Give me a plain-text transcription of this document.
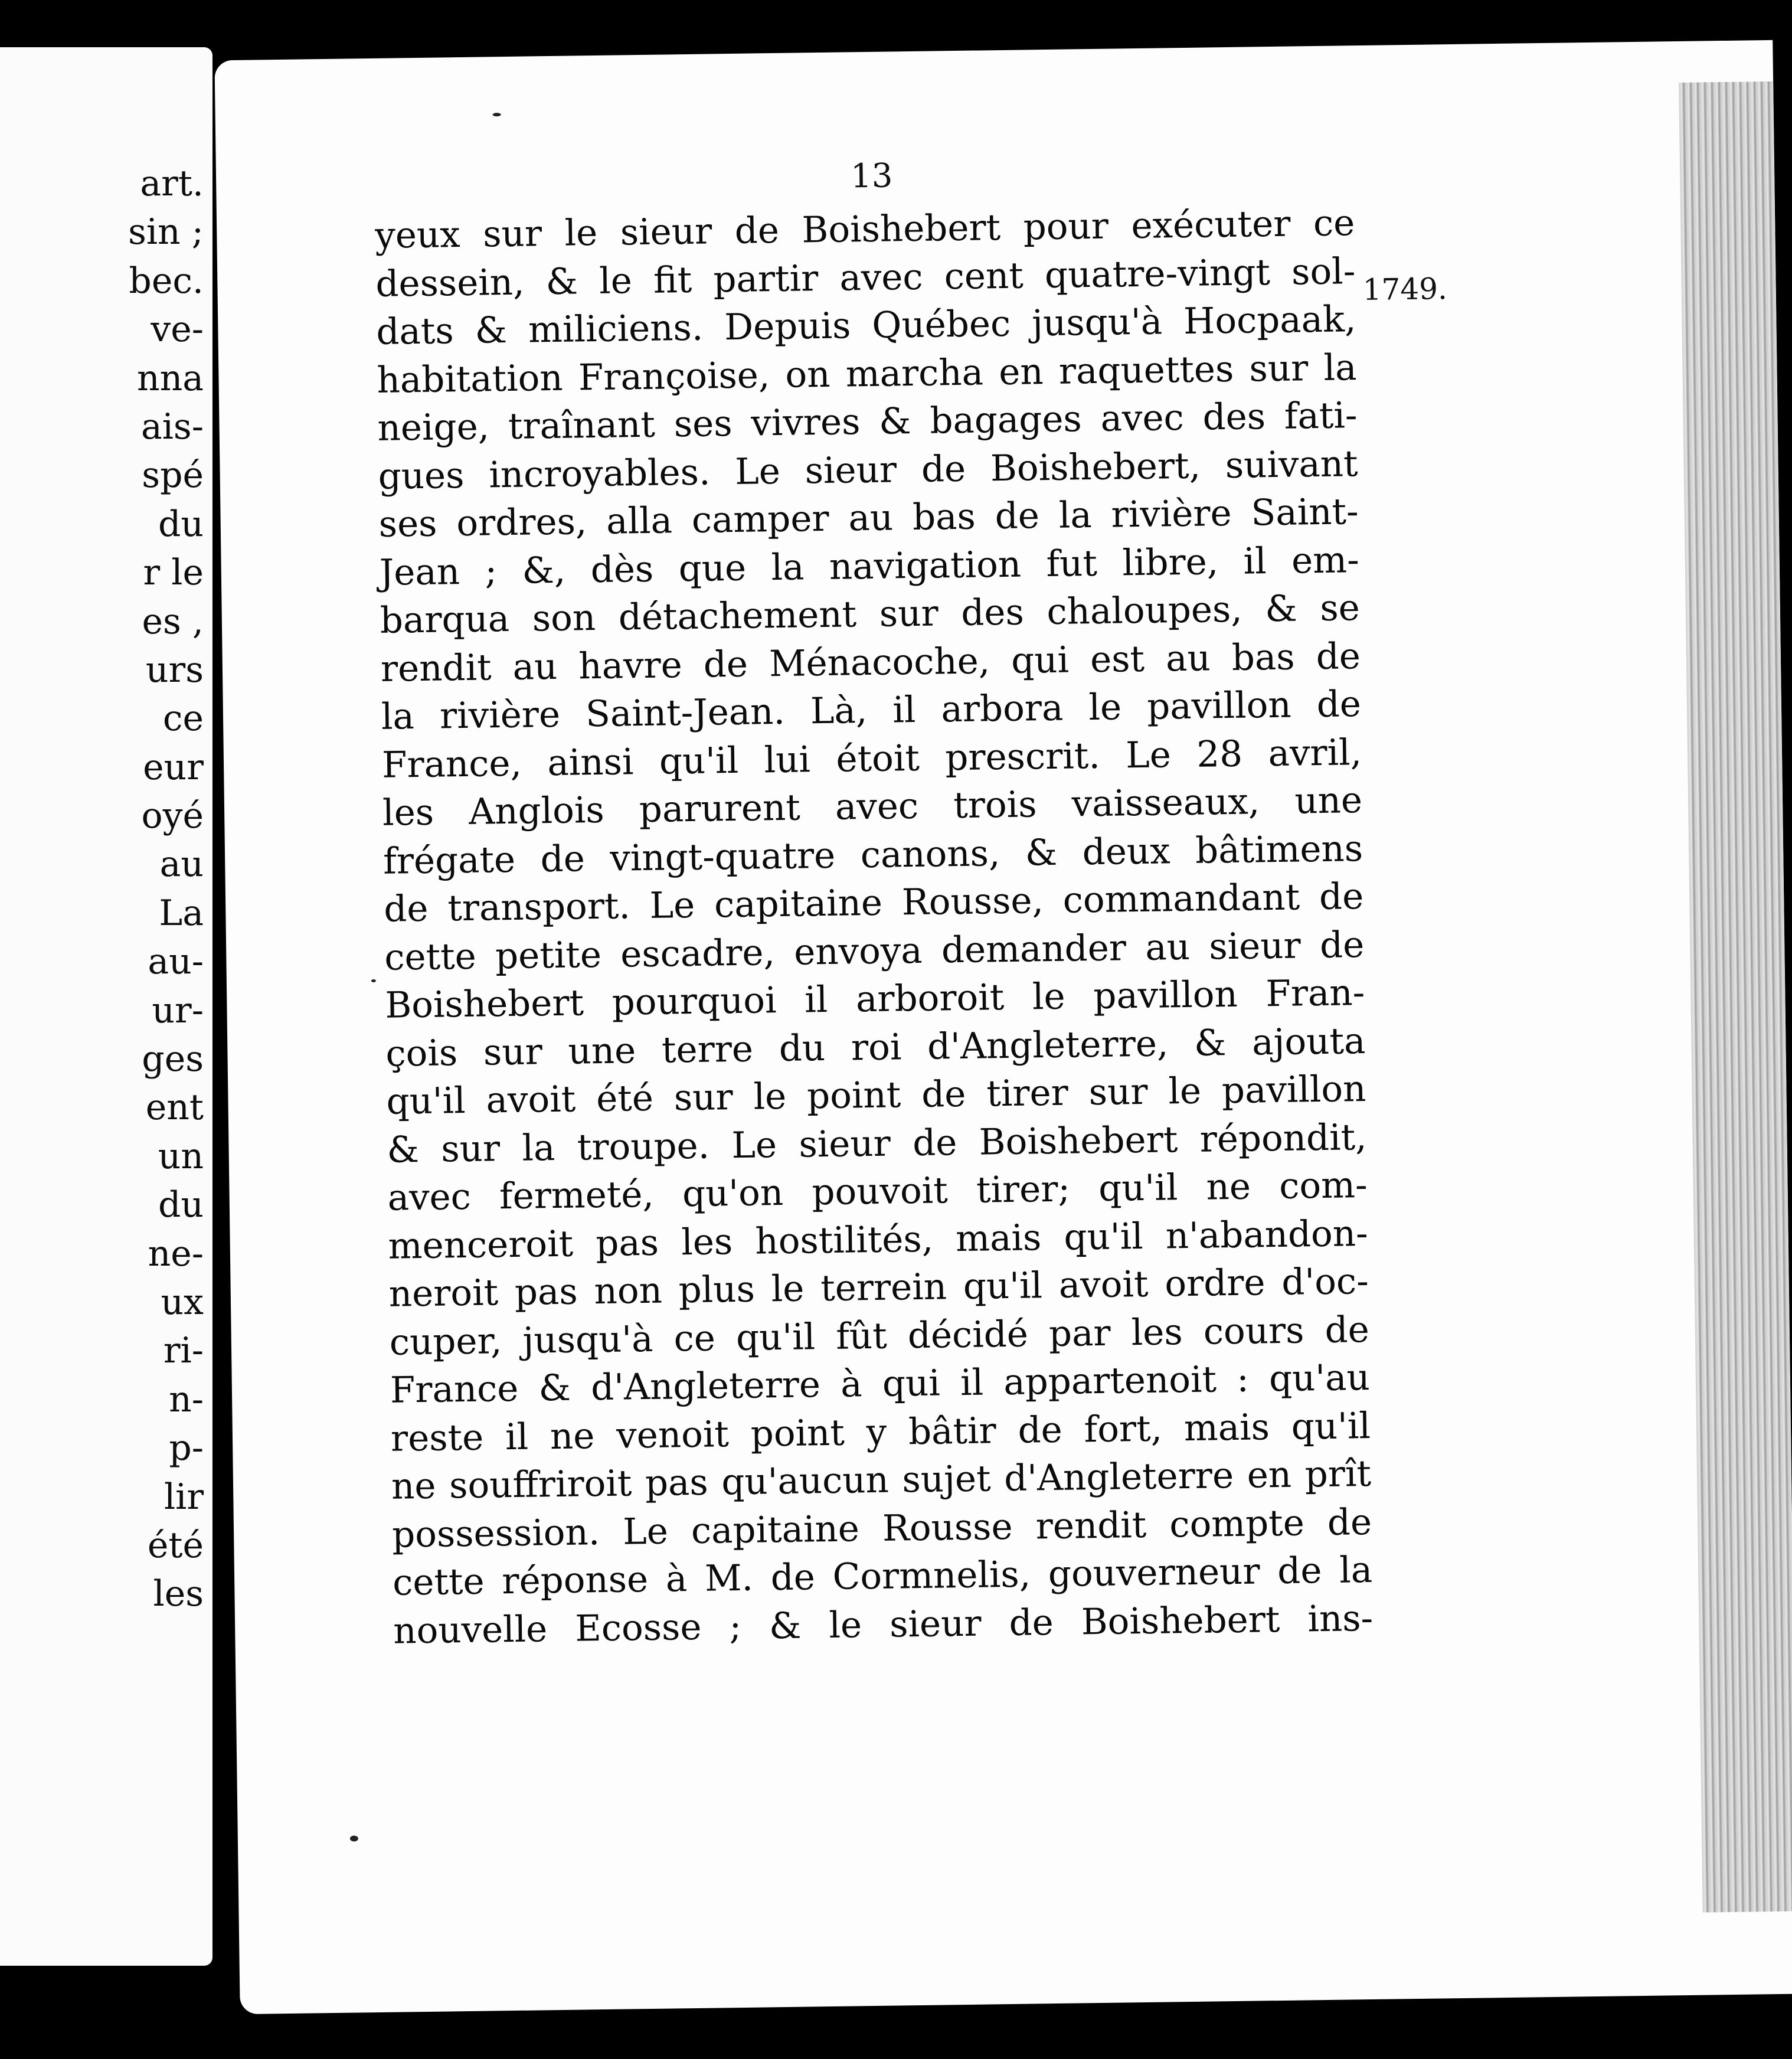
art.
sin ;
bec.
ve-
nna
ais-
spé
du
r le
es ,
urs
ce
eur
oyé
au
La
au-
ur-
ges
ent
un
du
ne-
ux
ri-
n-
p-
lir
été
les

13

1749.

yeux sur le sieur de Boishebert pour exécuter ce
dessein, & le fit partir avec cent quatre-vingt sol-
dats & miliciens. Depuis Québec jusqu'à Hocpaak,
habitation Françoise, on marcha en raquettes sur la
neige, traînant ses vivres & bagages avec des fati-
gues incroyables. Le sieur de Boishebert, suivant
ses ordres, alla camper au bas de la rivière Saint-
Jean ; &, dès que la navigation fut libre, il em-
barqua son détachement sur des chaloupes, & se
rendit au havre de Ménacoche, qui est au bas de
la rivière Saint-Jean. Là, il arbora le pavillon de
France, ainsi qu'il lui étoit prescrit. Le 28 avril,
les Anglois parurent avec trois vaisseaux, une
frégate de vingt-quatre canons, & deux bâtimens
de transport. Le capitaine Rousse, commandant de
cette petite escadre, envoya demander au sieur de
Boishebert pourquoi il arboroit le pavillon Fran-
çois sur une terre du roi d'Angleterre, & ajouta
qu'il avoit été sur le point de tirer sur le pavillon
& sur la troupe. Le sieur de Boishebert répondit,
avec fermeté, qu'on pouvoit tirer; qu'il ne com-
menceroit pas les hostilités, mais qu'il n'abandon-
neroit pas non plus le terrein qu'il avoit ordre d'oc-
cuper, jusqu'à ce qu'il fût décidé par les cours de
France & d'Angleterre à qui il appartenoit : qu'au
reste il ne venoit point y bâtir de fort, mais qu'il
ne souffriroit pas qu'aucun sujet d'Angleterre en prît
possession. Le capitaine Rousse rendit compte de
cette réponse à M. de Cormnelis, gouverneur de la
nouvelle Ecosse ; & le sieur de Boishebert ins-
